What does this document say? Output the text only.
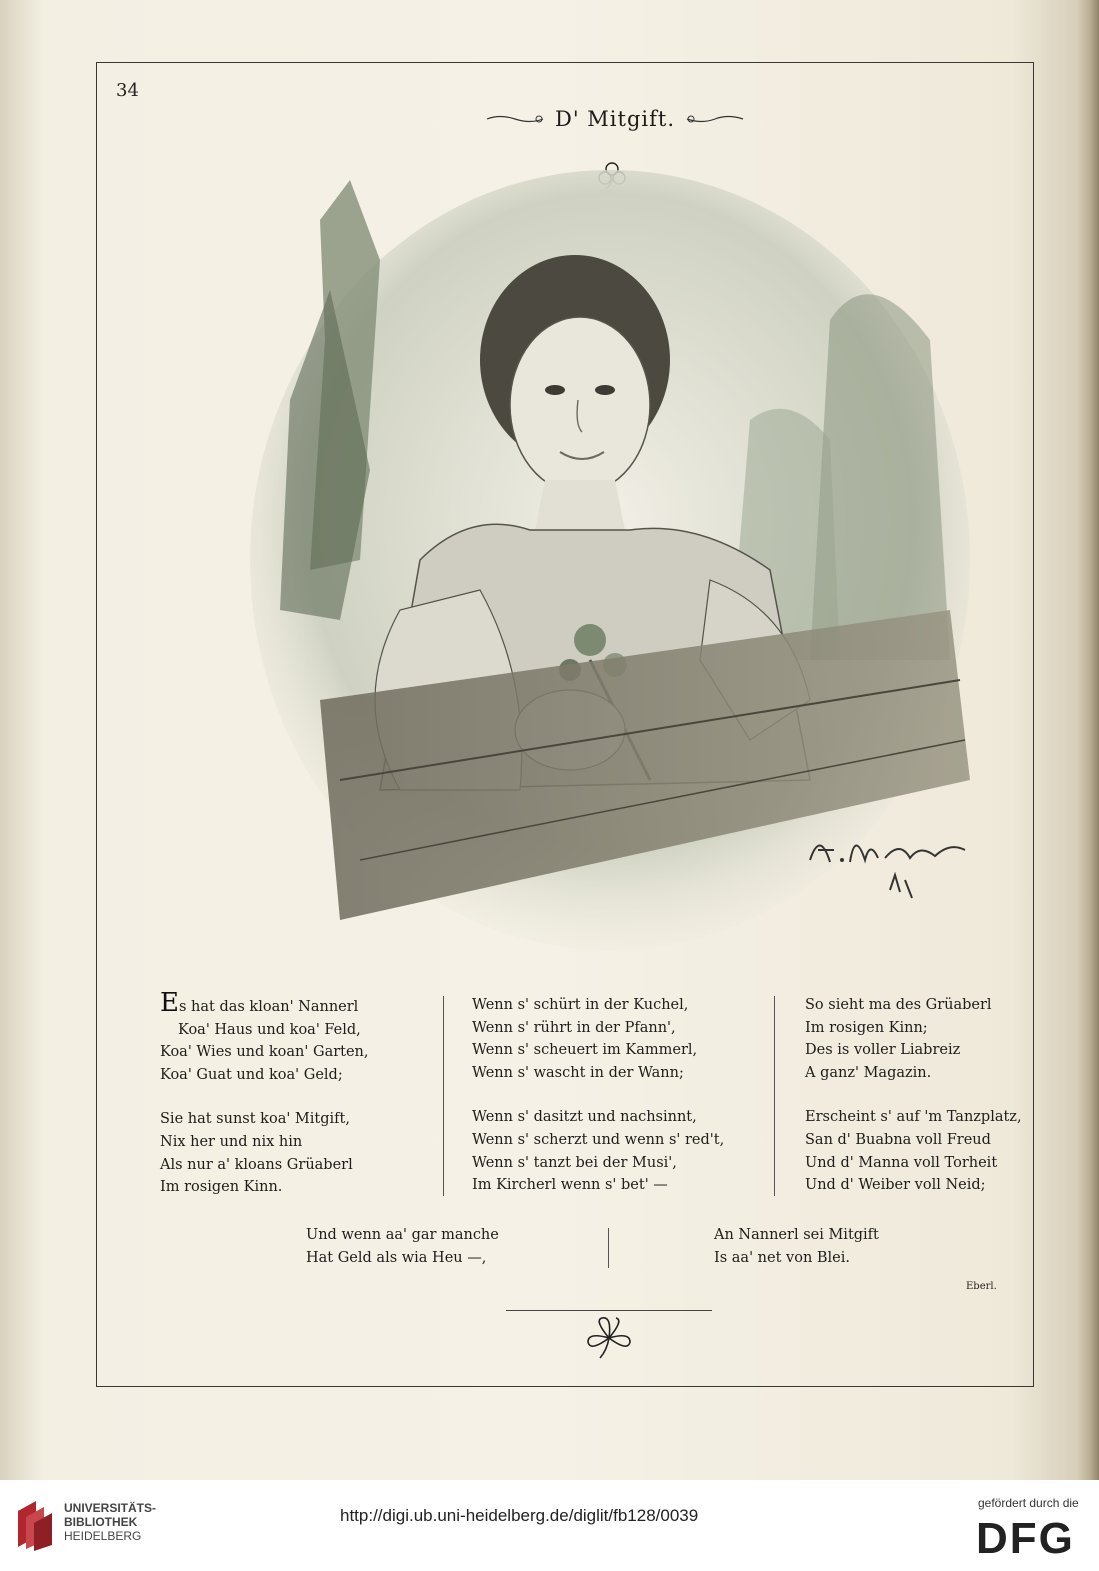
34
D' Mitgift.
Es hat das kloan' Nannerl
Koa' Haus und koa' Feld,
Koa' Wies und koan' Garten,
Koa' Guat und koa' Geld;
Sie hat sunst koa' Mitgift,
Nix her und nix hin
Als nur a' kloans Grüaberl
Im rosigen Kinn.
Wenn s' schürt in der Kuchel,
Wenn s' rührt in der Pfann',
Wenn s' scheuert im Kammerl,
Wenn s' wascht in der Wann;
Wenn s' dasitzt und nachsinnt,
Wenn s' scherzt und wenn s' red't,
Wenn s' tanzt bei der Musi',
Im Kircherl wenn s' bet' —
So sieht ma des Grüaberl
Im rosigen Kinn;
Des is voller Liabreiz
A ganz' Magazin.
Erscheint s' auf 'm Tanzplatz,
San d' Buabna voll Freud
Und d' Manna voll Torheit
Und d' Weiber voll Neid;
Und wenn aa' gar manche
Hat Geld als wia Heu —,
An Nannerl sei Mitgift
Is aa' net von Blei.
Eberl.
UNIVERSITÄTS-
BIBLIOTHEK
HEIDELBERG
http://digi.ub.uni-heidelberg.de/diglit/fb128/0039
gefördert durch die
DFG
